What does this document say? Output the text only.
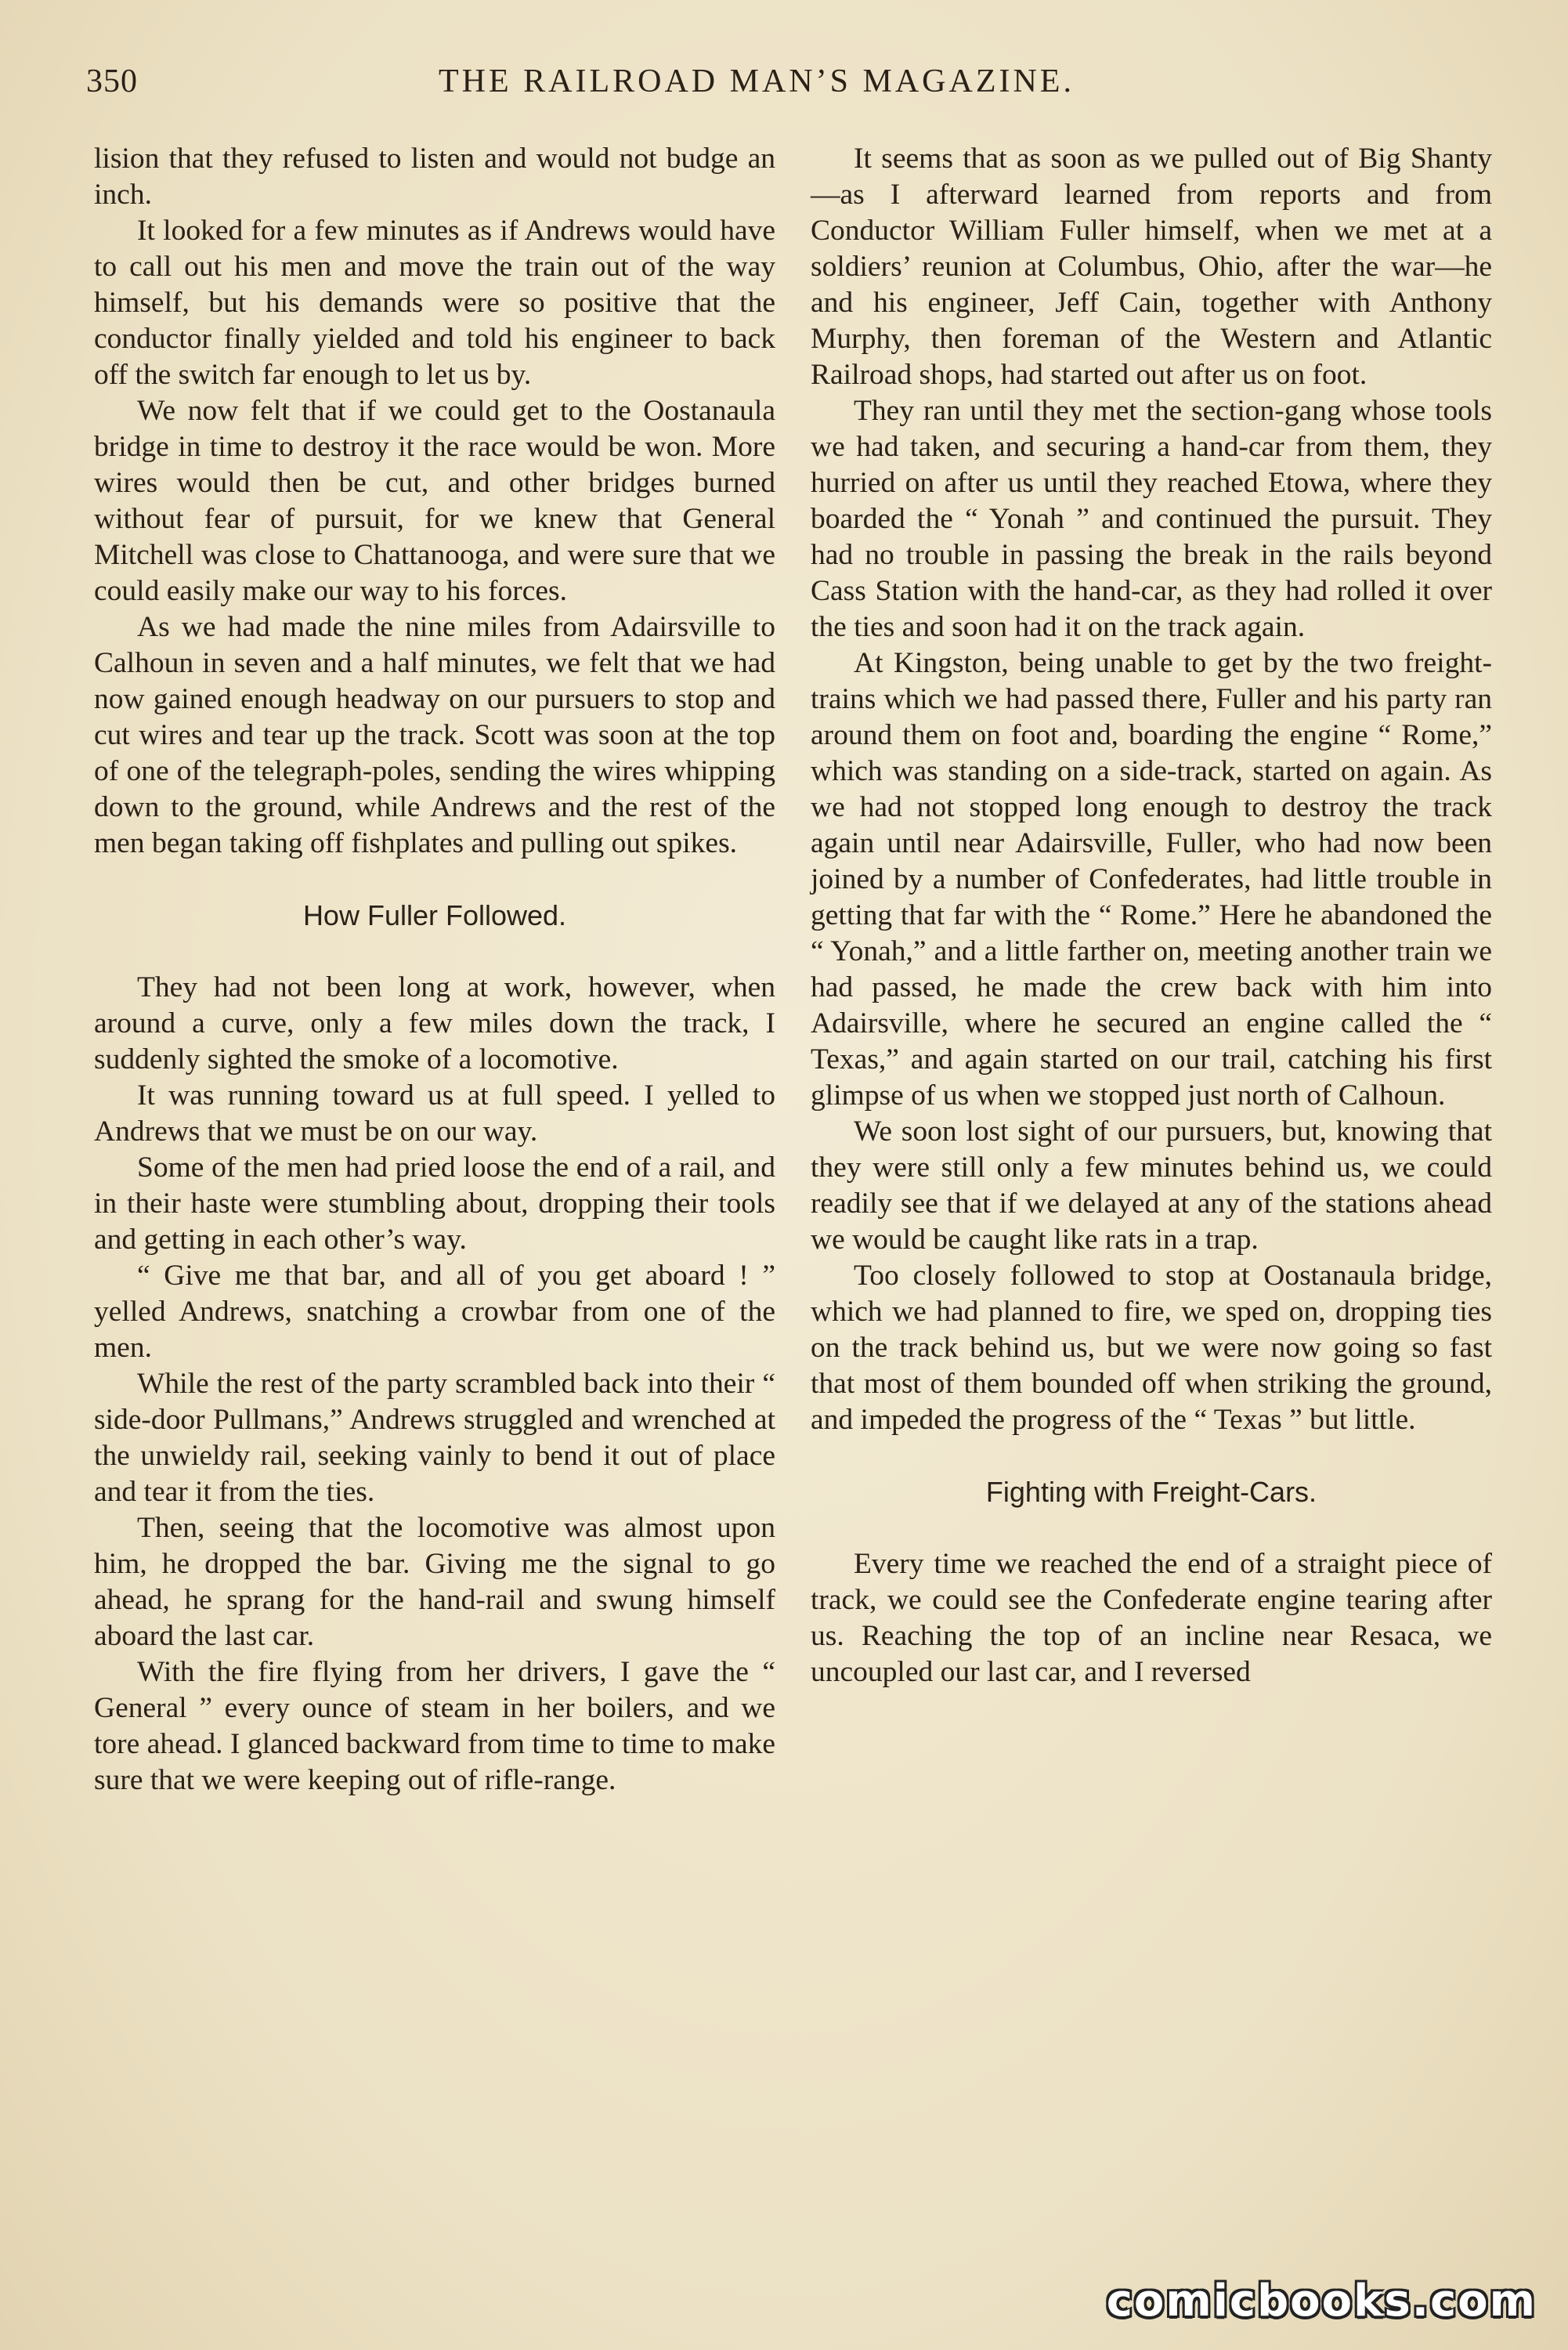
350	THE RAILROAD MAN’S MAGAZINE.

lision that they refused to listen and would not budge an inch.

It looked for a few minutes as if Andrews would have to call out his men and move the train out of the way himself, but his demands were so positive that the conductor finally yielded and told his engineer to back off the switch far enough to let us by.

We now felt that if we could get to the Oostanaula bridge in time to destroy it the race would be won. More wires would then be cut, and other bridges burned without fear of pursuit, for we knew that General Mitchell was close to Chattanooga, and were sure that we could easily make our way to his forces.

As we had made the nine miles from Adairsville to Calhoun in seven and a half minutes, we felt that we had now gained enough headway on our pursuers to stop and cut wires and tear up the track. Scott was soon at the top of one of the telegraph-poles, sending the wires whipping down to the ground, while Andrews and the rest of the men began taking off fishplates and pulling out spikes.

How Fuller Followed.

They had not been long at work, however, when around a curve, only a few miles down the track, I suddenly sighted the smoke of a locomotive.

It was running toward us at full speed. I yelled to Andrews that we must be on our way.

Some of the men had pried loose the end of a rail, and in their haste were stumbling about, dropping their tools and getting in each other’s way.

“ Give me that bar, and all of you get aboard ! ” yelled Andrews, snatching a crowbar from one of the men.

While the rest of the party scrambled back into their “ side-door Pullmans,” Andrews struggled and wrenched at the unwieldy rail, seeking vainly to bend it out of place and tear it from the ties.

Then, seeing that the locomotive was almost upon him, he dropped the bar. Giving me the signal to go ahead, he sprang for the hand-rail and swung himself aboard the last car.

With the fire flying from her drivers, I gave the “ General ” every ounce of steam in her boilers, and we tore ahead. I glanced backward from time to time to make sure that we were keeping out of rifle-range.

It seems that as soon as we pulled out of Big Shanty—as I afterward learned from reports and from Conductor William Fuller himself, when we met at a soldiers’ reunion at Columbus, Ohio, after the war—he and his engineer, Jeff Cain, together with Anthony Murphy, then foreman of the Western and Atlantic Railroad shops, had started out after us on foot.

They ran until they met the section-gang whose tools we had taken, and securing a hand-car from them, they hurried on after us until they reached Etowa, where they boarded the “ Yonah ” and continued the pursuit. They had no trouble in passing the break in the rails beyond Cass Station with the hand-car, as they had rolled it over the ties and soon had it on the track again.

At Kingston, being unable to get by the two freight-trains which we had passed there, Fuller and his party ran around them on foot and, boarding the engine “ Rome,” which was standing on a side-track, started on again. As we had not stopped long enough to destroy the track again until near Adairsville, Fuller, who had now been joined by a number of Confederates, had little trouble in getting that far with the “ Rome.” Here he abandoned the “ Yonah,” and a little farther on, meeting another train we had passed, he made the crew back with him into Adairsville, where he secured an engine called the “ Texas,” and again started on our trail, catching his first glimpse of us when we stopped just north of Calhoun.

We soon lost sight of our pursuers, but, knowing that they were still only a few minutes behind us, we could readily see that if we delayed at any of the stations ahead we would be caught like rats in a trap.

Too closely followed to stop at Oostanaula bridge, which we had planned to fire, we sped on, dropping ties on the track behind us, but we were now going so fast that most of them bounded off when striking the ground, and impeded the progress of the “ Texas ” but little.

Fighting with Freight-Cars.

Every time we reached the end of a straight piece of track, we could see the Confederate engine tearing after us. Reaching the top of an incline near Resaca, we uncoupled our last car, and I reversed

comicbooks.com
